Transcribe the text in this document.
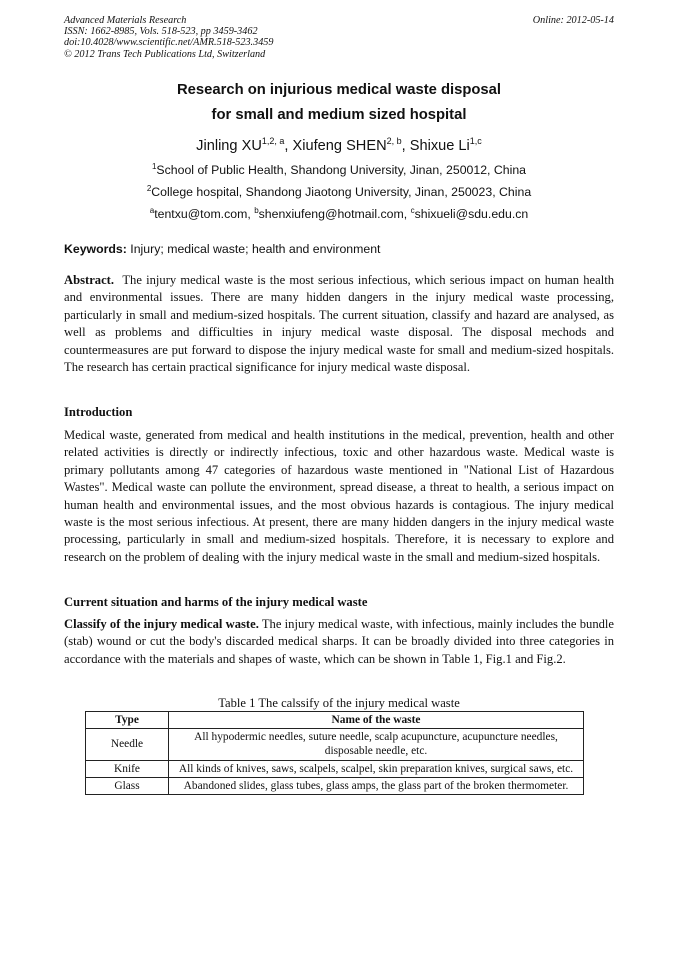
Advanced Materials Research
ISSN: 1662-8985, Vols. 518-523, pp 3459-3462
doi:10.4028/www.scientific.net/AMR.518-523.3459
© 2012 Trans Tech Publications Ltd, Switzerland
Online: 2012-05-14
Research on injurious medical waste disposal
for small and medium sized hospital
Jinling XU$^{1,2, a}$, Xiufeng SHEN$^{2, b}$, Shixue Li$^{1,c}$
$^1$School of Public Health, Shandong University, Jinan, 250012, China
$^2$College hospital, Shandong Jiaotong University, Jinan, 250023, China
$^a$tentxu@tom.com, $^b$shenxiufeng@hotmail.com, $^c$shixueli@sdu.edu.cn
Keywords: Injury; medical waste; health and environment

Abstract. The injury medical waste is the most serious infectious, which serious impact on human health and environmental issues. There are many hidden dangers in the injury medical waste processing, particularly in small and medium-sized hospitals. The current situation, classify and hazard are analysed, as well as problems and difficulties in injury medical waste disposal. The disposal mechods and countermeasures are put forward to dispose the injury medical waste for small and medium-sized hospitals. The research has certain practical significance for injury medical waste disposal.

Introduction

Medical waste, generated from medical and health institutions in the medical, prevention, health and other related activities is directly or indirectly infectious, toxic and other hazardous waste. Medical waste is primary pollutants among 47 categories of hazardous waste mentioned in "National List of Hazardous Wastes". Medical waste can pollute the environment, spread disease, a threat to health, a serious impact on human health and environmental issues, and the most obvious hazards is contagious. The injury medical waste is the most serious infectious. At present, there are many hidden dangers in the injury medical waste processing, particularly in small and medium-sized hospitals. Therefore, it is necessary to explore and research on the problem of dealing with the injury medical waste in the small and medium-sized hospitals.

Current situation and harms of the injury medical waste

Classify of the injury medical waste. The injury medical waste, with infectious, mainly includes the bundle (stab) wound or cut the body's discarded medical sharps. It can be broadly divided into three categories in accordance with the materials and shapes of waste, which can be shown in Table 1, Fig.1 and Fig.2.

Table 1 The calssify of the injury medical waste
Type	Name of the waste
Needle	All hypodermic needles, suture needle, scalp acupuncture, acupuncture needles, disposable needle, etc.
Knife	All kinds of knives, saws, scalpels, scalpel, skin preparation knives, surgical saws, etc.
Glass	Abandoned slides, glass tubes, glass amps, the glass part of the broken thermometer.
